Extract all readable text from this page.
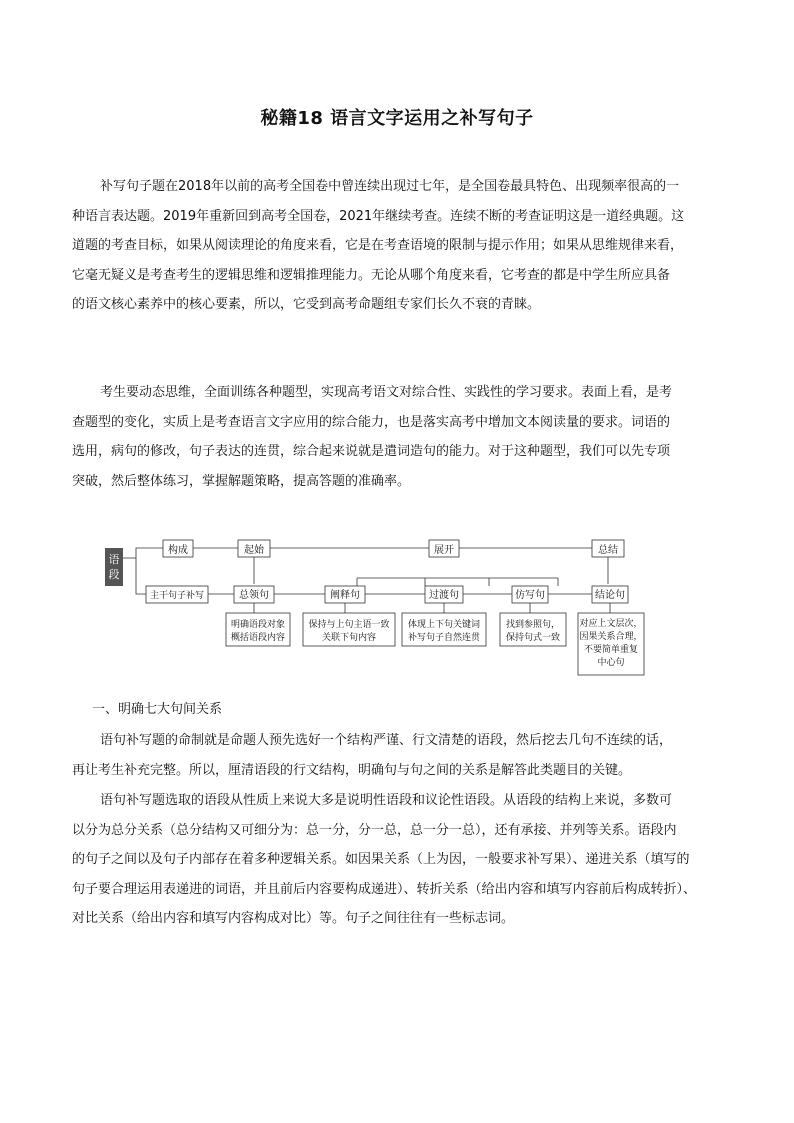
秘籍18 语言文字运用之补写句子

补写句子题在2018年以前的高考全国卷中曾连续出现过七年，是全国卷最具特色、出现频率很高的一

种语言表达题。2019年重新回到高考全国卷，2021年继续考查。连续不断的考查证明这是一道经典题。这

道题的考查目标，如果从阅读理论的角度来看，它是在考查语境的限制与提示作用；如果从思维规律来看，

它毫无疑义是考查考生的逻辑思维和逻辑推理能力。无论从哪个角度来看，它考查的都是中学生所应具备

的语文核心素养中的核心要素，所以，它受到高考命题组专家们长久不衰的青睐。

考生要动态思维，全面训练各种题型，实现高考语文对综合性、实践性的学习要求。表面上看，是考

查题型的变化，实质上是考查语言文字应用的综合能力，也是落实高考中增加文本阅读量的要求。词语的

选用，病句的修改，句子表达的连贯，综合起来说就是遣词造句的能力。对于这种题型，我们可以先专项

突破，然后整体练习，掌握解题策略，提高答题的准确率。

语
段
构成	起始	展开	总结
主干句子补写	总领句	阐释句	过渡句	仿写句	结论句
明确语段对象
概括语段内容
保持与上句主语一致
关联下旬内容
体现上下句关键词
补写句子自然连贯
找到参照句，
保持句式一致
对应上文层次，
因果关系合理，
不要简单重复
中心句
一、明确七大句间关系

语句补写题的命制就是命题人预先选好一个结构严谨、行文清楚的语段，然后挖去几句不连续的话，

再让考生补充完整。所以，厘清语段的行文结构，明确句与句之间的关系是解答此类题目的关键。

语句补写题选取的语段从性质上来说大多是说明性语段和议论性语段。从语段的结构上来说，多数可

以分为总分关系（总分结构又可细分为：总一分，分一总，总一分一总），还有承接、并列等关系。语段内

的句子之间以及句子内部存在着多种逻辑关系。如因果关系（上为因，一般要求补写果）、递进关系（填写的

句子要合理运用表递进的词语，并且前后内容要构成递进）、转折关系（给出内容和填写内容前后构成转折）、

对比关系（给出内容和填写内容构成对比）等。句子之间往往有一些标志词。
